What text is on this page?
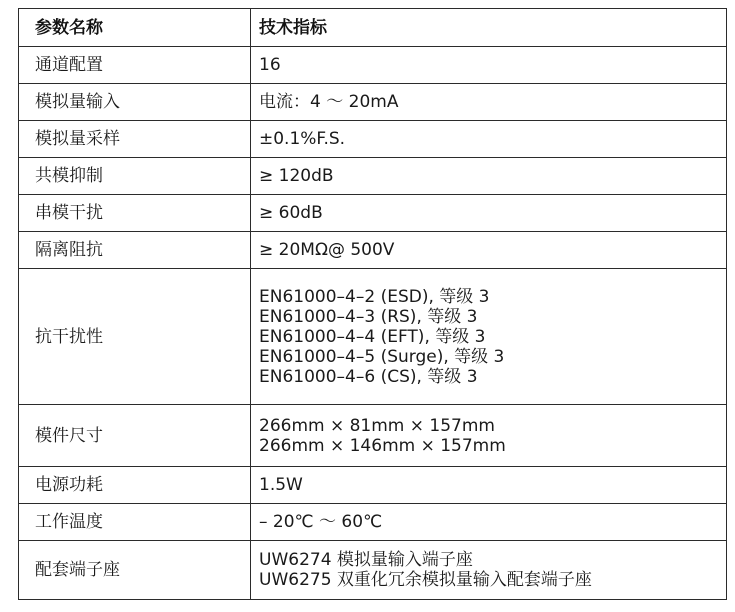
参数名称	技术指标
通道配置	16

模拟量输入	电流：4 ～ 20mA

模拟量采样	±0.1%F.S.

共模抑制	≥ 120dB

串模干扰	≥ 60dB

隔离阻抗	≥ 20MΩ@ 500V

抗干扰性	EN61000–4–2 (ESD), 等级 3
EN61000–4–3 (RS), 等级 3
EN61000–4–4 (EFT), 等级 3
EN61000–4–5 (Surge), 等级 3
EN61000–4–6 (CS), 等级 3

模件尺寸	266mm × 81mm × 157mm
266mm × 146mm × 157mm

电源功耗	1.5W

工作温度	– 20℃ ～ 60℃

配套端子座	UW6274 模拟量输入端子座
UW6275 双重化冗余模拟量输入配套端子座
